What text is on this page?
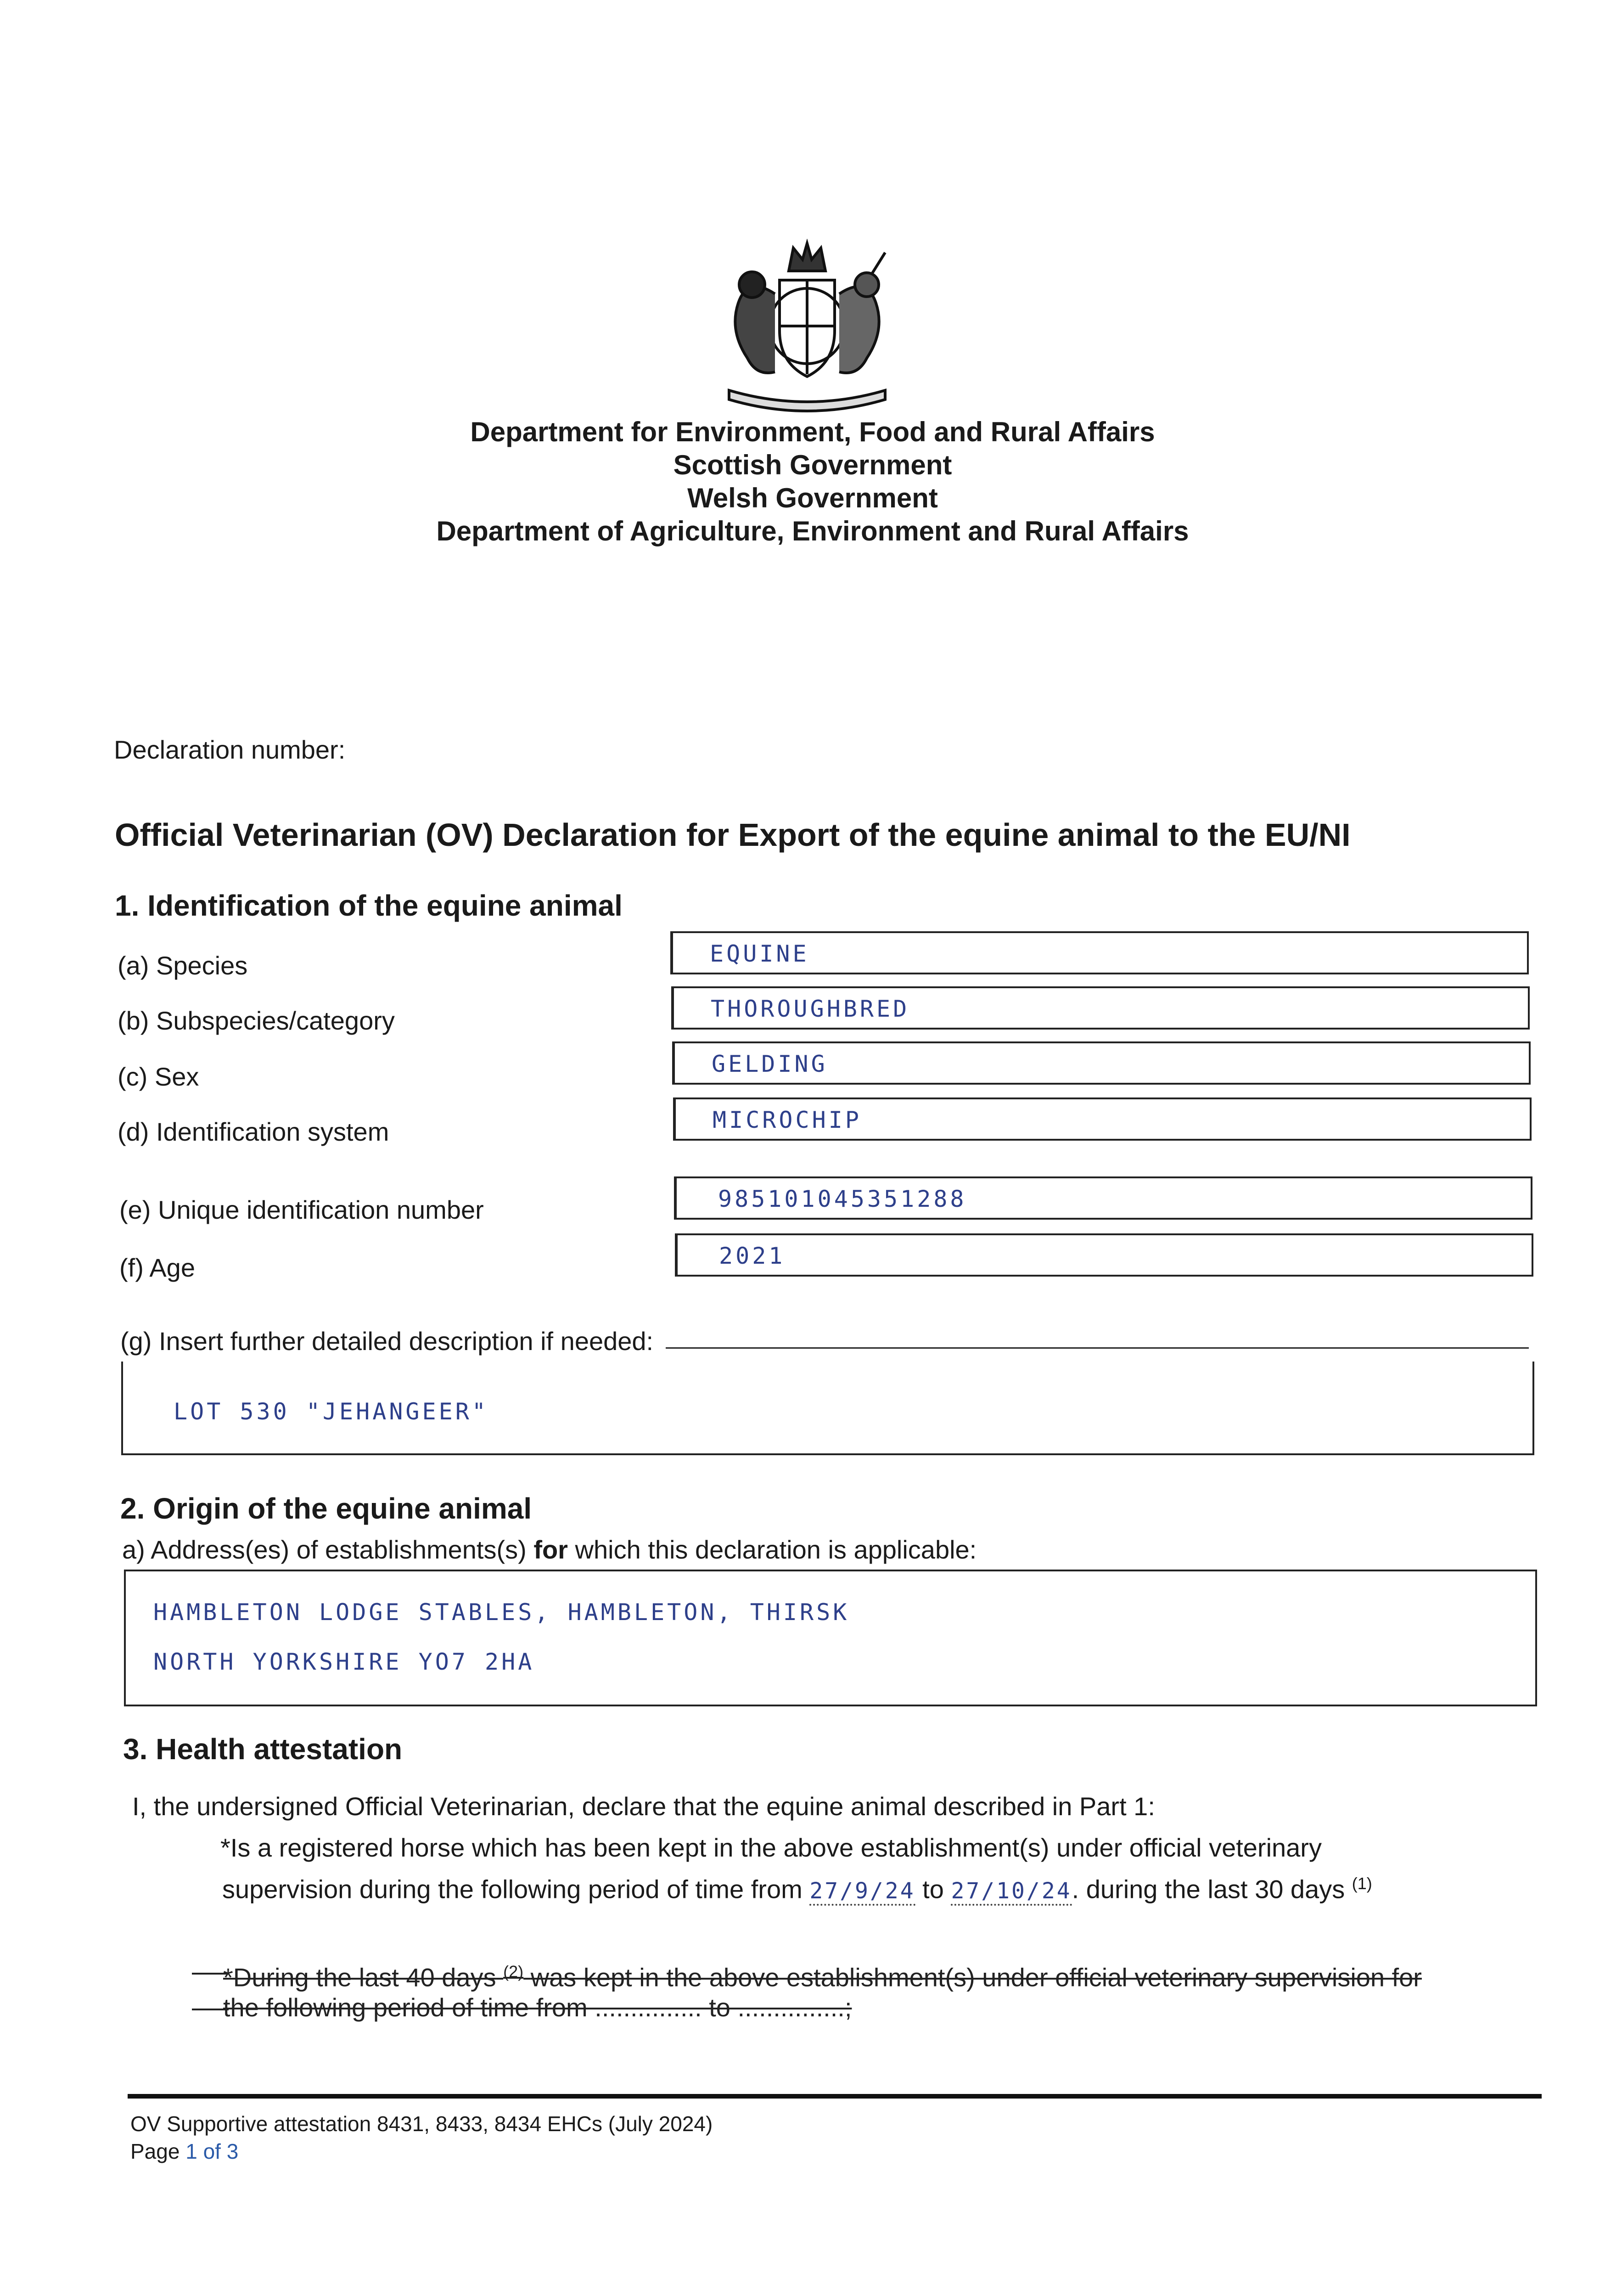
Department for Environment, Food and Rural Affairs
Scottish Government
Welsh Government
Department of Agriculture, Environment and Rural Affairs
Declaration number:
Official Veterinarian (OV) Declaration for Export of the equine animal to the EU/NI
1. Identification of the equine animal
(a) Species	EQUINE
(b) Subspecies/category	THOROUGHBRED
(c) Sex	GELDING
(d) Identification system	MICROCHIP
(e) Unique identification number	985101045351288
(f) Age	2021
(g) Insert further detailed description if needed:
LOT 530 "JEHANGEER"
2. Origin of the equine animal
a) Address(es) of establishments(s) for which this declaration is applicable:
HAMBLETON LODGE STABLES, HAMBLETON, THIRSK
NORTH YORKSHIRE YO7 2HA
3. Health attestation
I, the undersigned Official Veterinarian, declare that the equine animal described in Part 1:
*Is a registered horse which has been kept in the above establishment(s) under official veterinary
supervision during the following period of time from 27/9/24 to 27/10/24. during the last 30 days $^{(1)}$
*During the last 40 days $^{(2)}$ was kept in the above establishment(s) under official veterinary supervision for
the following period of time from ............... to ...............;
OV Supportive attestation 8431, 8433, 8434 EHCs (July 2024)
Page 1 of 3
